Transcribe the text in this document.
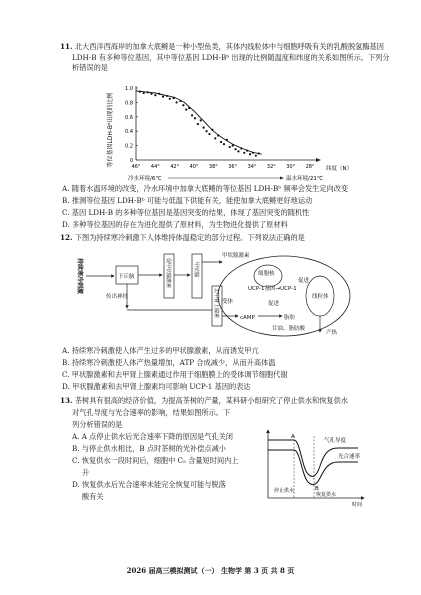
11. 北大西洋西海岸的加拿大底鳉是一种小型鱼类，其体内线粒体中与细胞呼吸有关的乳酸脱氢酶基因 LDH-B 有多种等位基因，其中等位基因 LDH-Bᵇ 出现的比例随温度和纬度的关系如图所示。下列分析错误的是
等位基因LDH-Bᵇ出现的比例	0
0.2
0.4
0.6
0.8
1.0
46° 44° 42° 40° 38° 36° 34° 32° 30° 28° 纬度（N）
冷水环境/6℃	温水环境/21℃
A. 随着水温环境的改变，冷水环境中加拿大底鳉的等位基因 LDH-Bᵇ 频率会发生定向改变
B. 推测等位基因 LDH-Bᵇ 可能与低温下供能有关，能使加拿大底鳉更好地运动
C. 基因 LDH-B 的多种等位基因是基因突变的结果，体现了基因突变的随机性
D. 多种等位基因的存在为进化提供了原材料，为生物进化提供了原材料
12. 下图为持续寒冷刺激下人体维持体温稳定的部分过程。下列说法正确的是
持续寒冷刺激	下丘脑	促甲状腺激素	甲状腺
甲状腺激素
传出神经	去甲肾上腺素
细胞核
UCP-1基因→UCP-1
受体
cAMP
促进
脂肪
甘油、脂肪酸
线粒体
促进
产热
A. 持续寒冷刺激使人体产生过多的甲状腺激素，从而诱发甲亢
B. 持续寒冷刺激使人体产热量增加，ATP 合成减少，从而升高体温
C. 甲状腺激素和去甲肾上腺素通过作用于细胞膜上的受体调节细胞代谢
D. 甲状腺激素和去甲肾上腺素均可影响 UCP-1 基因的表达
13. 茶树具有很高的经济价值，为提高茶树的产量，某科研小组研究了停止供水和恢复供水
对气孔导度与光合速率的影响，结果如图所示。下
列分析错误的是
A. A 点停止供水后光合速率下降的原因是气孔关闭
B. 与停止供水相比，B 点时茶树的光补偿点减小
C. 恢复供水一段时间后，细胞中 C₅ 含量短时间内上
升
D. 恢复供水后光合速率未能完全恢复可能与脱落
酸有关
A
B
气孔导度
光合速率
停止供水
恢复供水
时间
2026 届高三模拟测试（一） 生物学 第 3 页 共 8 页
